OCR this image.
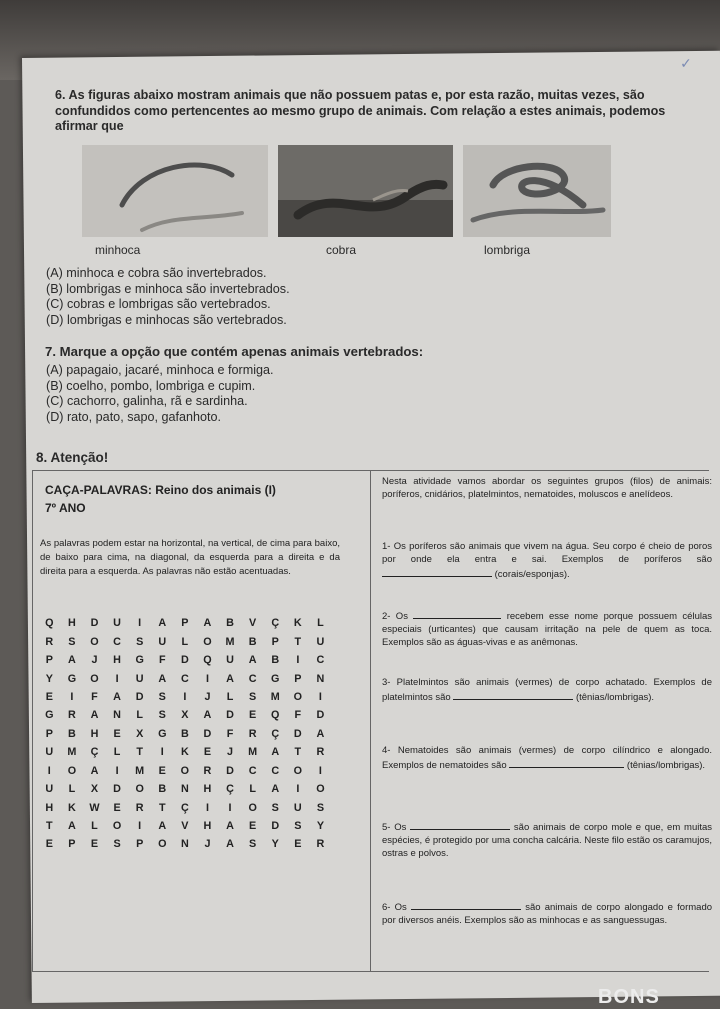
✓
6. As figuras abaixo mostram animais que não possuem patas e, por esta razão, muitas vezes, são confundidos como pertencentes ao mesmo grupo de animais. Com relação a estes animais, podemos afirmar que
minhoca	cobra	lombriga
(A) minhoca e cobra são invertebrados.
(B) lombrigas e minhoca são invertebrados.
(C) cobras e lombrigas são vertebrados.
(D) lombrigas e minhocas são vertebrados.
7. Marque a opção que contém apenas animais vertebrados:
(A) papagaio, jacaré, minhoca e formiga.
(B) coelho, pombo, lombriga e cupim.
(C) cachorro, galinha, rã e sardinha.
(D) rato, pato, sapo, gafanhoto.
8. Atenção!
CAÇA-PALAVRAS: Reino dos animais (I)
7º ANO
As palavras podem estar na horizontal, na vertical, de cima para baixo, de baixo para cima, na diagonal, da esquerda para a direita e da direita para a esquerda. As palavras não estão acentuadas.
Q	H	D	U	I	A	P	A	B	V	Ç	K	L
R	S	O	C	S	U	L	O	M	B	P	T	U
P	A	J	H	G	F	D	Q	U	A	B	I	C
Y	G	O	I	U	A	C	I	A	C	G	P	N
E	I	F	A	D	S	I	J	L	S	M	O	I
G	R	A	N	L	S	X	A	D	E	Q	F	D
P	B	H	E	X	G	B	D	F	R	Ç	D	A
U	M	Ç	L	T	I	K	E	J	M	A	T	R
I	O	A	I	M	E	O	R	D	C	C	O	I
U	L	X	D	O	B	N	H	Ç	L	A	I	O
H	K	W	E	R	T	Ç	I	I	O	S	U	S
T	A	L	O	I	A	V	H	A	E	D	S	Y
E	P	E	S	P	O	N	J	A	S	Y	E	R
Nesta atividade vamos abordar os seguintes grupos (filos) de animais: poríferos, cnidários, platelmintos, nematoides, moluscos e anelídeos.
1- Os poríferos são animais que vivem na água. Seu corpo é cheio de poros por onde ela entra e sai. Exemplos de poríferos são  (corais/esponjas).
2- Os	recebem esse nome porque possuem células especiais (urticantes) que causam irritação na pele de quem as toca. Exemplos são as águas-vivas e as anêmonas.
3- Platelmintos são animais (vermes) de corpo achatado. Exemplos de platelmintos são	(tênias/lombrigas).
4- Nematoides são animais (vermes) de corpo cilíndrico e alongado. Exemplos de nematoides são	(tênias/lombrigas).
5- Os	são animais de corpo mole e que, em muitas espécies, é protegido por uma concha calcária. Neste filo estão os caramujos, ostras e polvos.
6- Os	são animais de corpo alongado e formado por diversos anéis. Exemplos são as minhocas e as sanguessugas.
BONS
